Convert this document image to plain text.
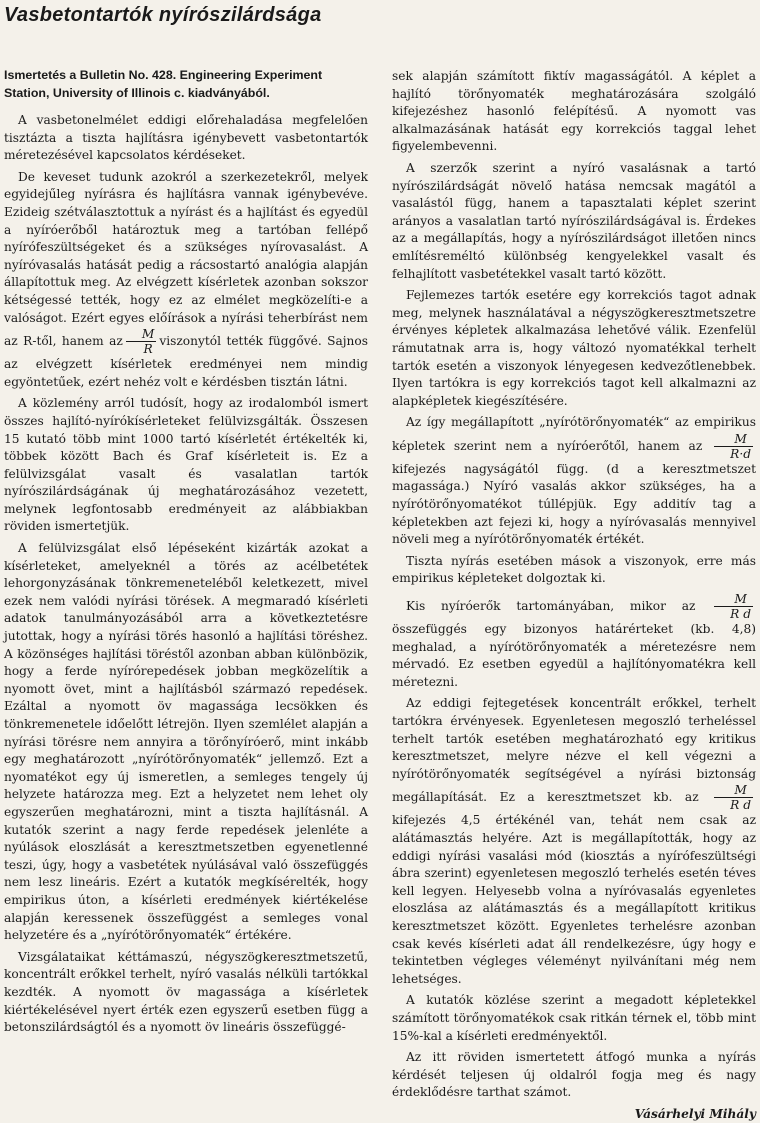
Vasbetontartók nyírószilárdsága

Ismertetés a Bulletin No. 428. Engineering Experiment Station, University of Illinois c. kiadványából.

A vasbetonelmélet eddigi előrehaladása megfelelően tisztázta a tiszta hajlításra igénybevett vasbetontartók méretezésével kapcsolatos kérdéseket.

De keveset tudunk azokról a szerkezetekről, melyek egyidejűleg nyírásra és hajlításra vannak igénybevéve. Ezideig szétválasztottuk a nyírást és a hajlítást és egyedül a nyíróerőből határoztuk meg a tartóban fellépő nyírófeszültségeket és a szükséges nyírovasalást. A nyíróvasalás hatását pedig a rácsostartó analógia alapján állapítottuk meg. Az elvégzett kísérletek azonban sokszor kétségessé tették, hogy ez az elmélet megközelíti-e a valóságot. Ezért egyes előírások a nyírási teherbírást nem az R-től, hanem az $\frac{M}{R}$ viszonytól tették függővé. Sajnos az elvégzett kísérletek eredményei nem mindig egyöntetűek, ezért nehéz volt e kérdésben tisztán látni.

A közlemény arról tudósít, hogy az irodalomból ismert összes hajlító-nyírókísérleteket felülvizsgálták. Összesen 15 kutató több mint 1000 tartó kísérletét értékelték ki, többek között Bach és Graf kísérleteit is. Ez a felülvizsgálat vasalt és vasalatlan tartók nyírószilárdságának új meghatározásához vezetett, melynek legfontosabb eredményeit az alábbiakban röviden ismertetjük.

A felülvizsgálat első lépéseként kizárták azokat a kísérleteket, amelyeknél a törés az acélbetétek lehorgonyzásának tönkremeneteléből keletkezett, mivel ezek nem valódi nyírási törések. A megmaradó kísérleti adatok tanulmányozásából arra a következtetésre jutottak, hogy a nyírási törés hasonló a hajlítási töréshez. A közönséges hajlítási töréstől azonban abban különbözik, hogy a ferde nyírórepedések jobban megközelítik a nyomott övet, mint a hajlításból származó repedések. Ezáltal a nyomott öv magassága lecsökken és tönkremenetele időelőtt létrejön. Ilyen szemlélet alapján a nyírási törésre nem annyira a törőnyíróerő, mint inkább egy meghatározott „nyírótörőnyomaték“ jellemző. Ezt a nyomatékot egy új ismeretlen, a semleges tengely új helyzete határozza meg. Ezt a helyzetet nem lehet oly egyszerűen meghatározni, mint a tiszta hajlításnál. A kutatók szerint a nagy ferde repedések jelenléte a nyúlások eloszlását a keresztmetszetben egyenetlenné teszi, úgy, hogy a vasbetétek nyúlásával való összefüggés nem lesz lineáris. Ezért a kutatók megkísérelték, hogy empirikus úton, a kísérleti eredmények kiértékelése alapján keressenek összefüggést a semleges vonal helyzetére és a „nyírótörőnyomaték“ értékére.

Vizsgálataikat kéttámaszú, négyszögkeresztmetszetű, koncentrált erőkkel terhelt, nyíró vasalás nélküli tartókkal kezdték. A nyomott öv magassága a kísérletek kiértékelésével nyert érték ezen egyszerű esetben függ a betonszilárdságtól és a nyomott öv lineáris összefüggé-

sek alapján számított fiktív magasságától. A képlet a hajlító törőnyomaték meghatározására szolgáló kifejezéshez hasonló felépítésű. A nyomott vas alkalmazásának hatását egy korrekciós taggal lehet figyelembevenni.

A szerzők szerint a nyíró vasalásnak a tartó nyírószilárdságát növelő hatása nemcsak magától a vasalástól függ, hanem a tapasztalati képlet szerint arányos a vasalatlan tartó nyírószilárdságával is. Érdekes az a megállapítás, hogy a nyírószilárdságot illetően nincs említésreméltó különbség kengyelekkel vasalt és felhajlított vasbetétekkel vasalt tartó között.

Fejlemezes tartók esetére egy korrekciós tagot adnak meg, melynek használatával a négyszögkeresztmetszetre érvényes képletek alkalmazása lehetővé válik. Ezenfelül rámutatnak arra is, hogy változó nyomatékkal terhelt tartók esetén a viszonyok lényegesen kedvezőtlenebbek. Ilyen tartókra is egy korrekciós tagot kell alkalmazni az alapképletek kiegészítésére.

Az így megállapított „nyírótörőnyomaték“ az empirikus képletek szerint nem a nyíróerőtől, hanem az $\frac{M}{R\cdot d}$
kifejezés nagyságától függ. (d a keresztmetszet magassága.) Nyíró vasalás akkor szükséges, ha a nyírótörőnyomatékot túllépjük. Egy additív tag a képletekben azt fejezi ki, hogy a nyíróvasalás mennyivel növeli meg a nyírótörőnyomaték értékét.

Tiszta nyírás esetében mások a viszonyok, erre más empirikus képleteket dolgoztak ki.

Kis nyíróerők tartományában, mikor az $\frac{M}{\text{R d}}$
összefüggés egy bizonyos határérteket (kb. 4,8) meghalad, a nyírótörőnyomaték a méretezésre nem mérvadó. Ez esetben egyedül a hajlítónyomatékra kell méretezni.

Az eddigi fejtegetések koncentrált erőkkel, terhelt tartókra érvényesek. Egyenletesen megoszló terheléssel terhelt tartók esetében meghatározható egy kritikus keresztmetszet, melyre nézve el kell végezni a nyírótörőnyomaték segítségével a nyírási biztonság megállapítását. Ez a keresztmetszet kb. az $\frac{M}{\text{R d}}$
kifejezés 4,5 értékénél van, tehát nem csak az alátámasztás helyére. Azt is megállapították, hogy az eddigi nyírási vasalási mód (kiosztás a nyírófeszültségi ábra szerint) egyenletesen megoszló terhelés esetén téves kell legyen. Helyesebb volna a nyíróvasalás egyenletes eloszlása az alátámasztás és a megállapított kritikus keresztmetszet között. Egyenletes terhelésre azonban csak kevés kísérleti adat áll rendelkezésre, úgy hogy e tekintetben végleges véleményt nyilvánítani még nem lehetséges.

A kutatók közlése szerint a megadott képletekkel számított törőnyomatékok csak ritkán térnek el, több mint 15%-kal a kísérleti eredményektől.

Az itt röviden ismertetett átfogó munka a nyírás kérdését teljesen új oldalról fogja meg és nagy érdeklődésre tarthat számot.

Vásárhelyi Mihály
